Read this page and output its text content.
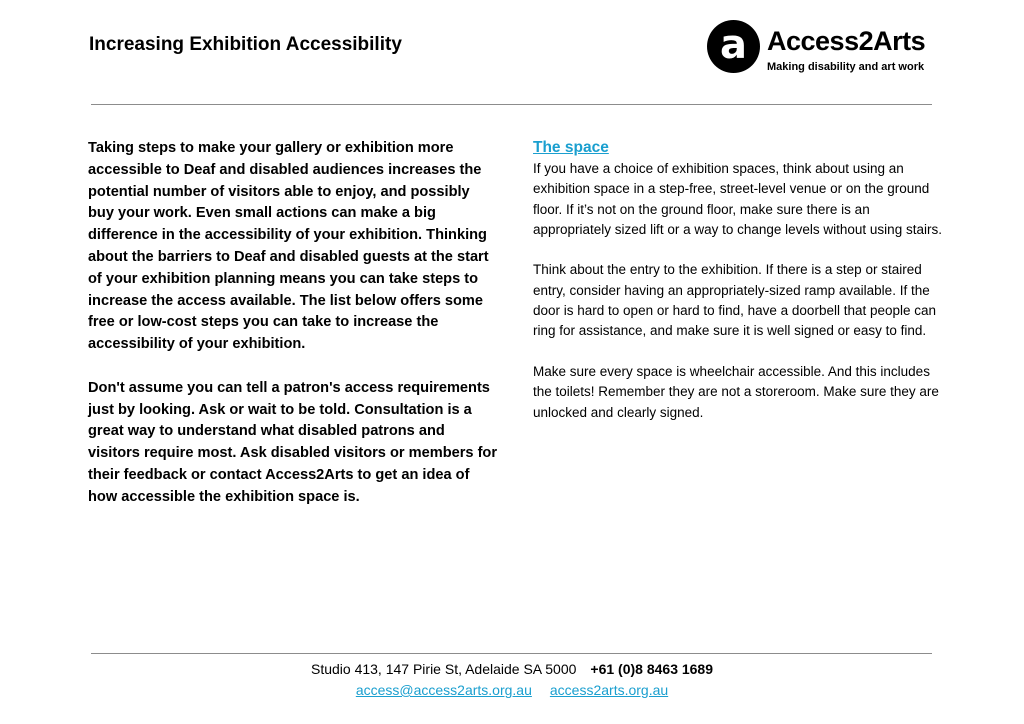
Increasing Exhibition Accessibility	a Access2Arts
Making disability and art work

Taking steps to make your gallery or exhibition more accessible to Deaf and disabled audiences increases the potential number of visitors able to enjoy, and possibly buy your work. Even small actions can make a big difference in the accessibility of your exhibition. Thinking about the barriers to Deaf and disabled guests at the start of your exhibition planning means you can take steps to increase the access available. The list below offers some free or low-cost steps you can take to increase the accessibility of your exhibition.

Don't assume you can tell a patron's access requirements just by looking. Ask or wait to be told. Consultation is a great way to understand what disabled patrons and visitors require most. Ask disabled visitors or members for their feedback or contact Access2Arts to get an idea of how accessible the exhibition space is.

The space

If you have a choice of exhibition spaces, think about using an exhibition space in a step-free, street-level venue or on the ground floor. If it’s not on the ground floor, make sure there is an appropriately sized lift or a way to change levels without using stairs.

Think about the entry to the exhibition. If there is a step or staired entry, consider having an appropriately-sized ramp available. If the door is hard to open or hard to find, have a doorbell that people can ring for assistance, and make sure it is well signed or easy to find.

Make sure every space is wheelchair accessible. And this includes the toilets! Remember they are not a storeroom. Make sure they are unlocked and clearly signed.

Studio 413, 147 Pirie St, Adelaide SA 5000 +61 (0)8 8463 1689
access@access2arts.org.au access2arts.org.au
